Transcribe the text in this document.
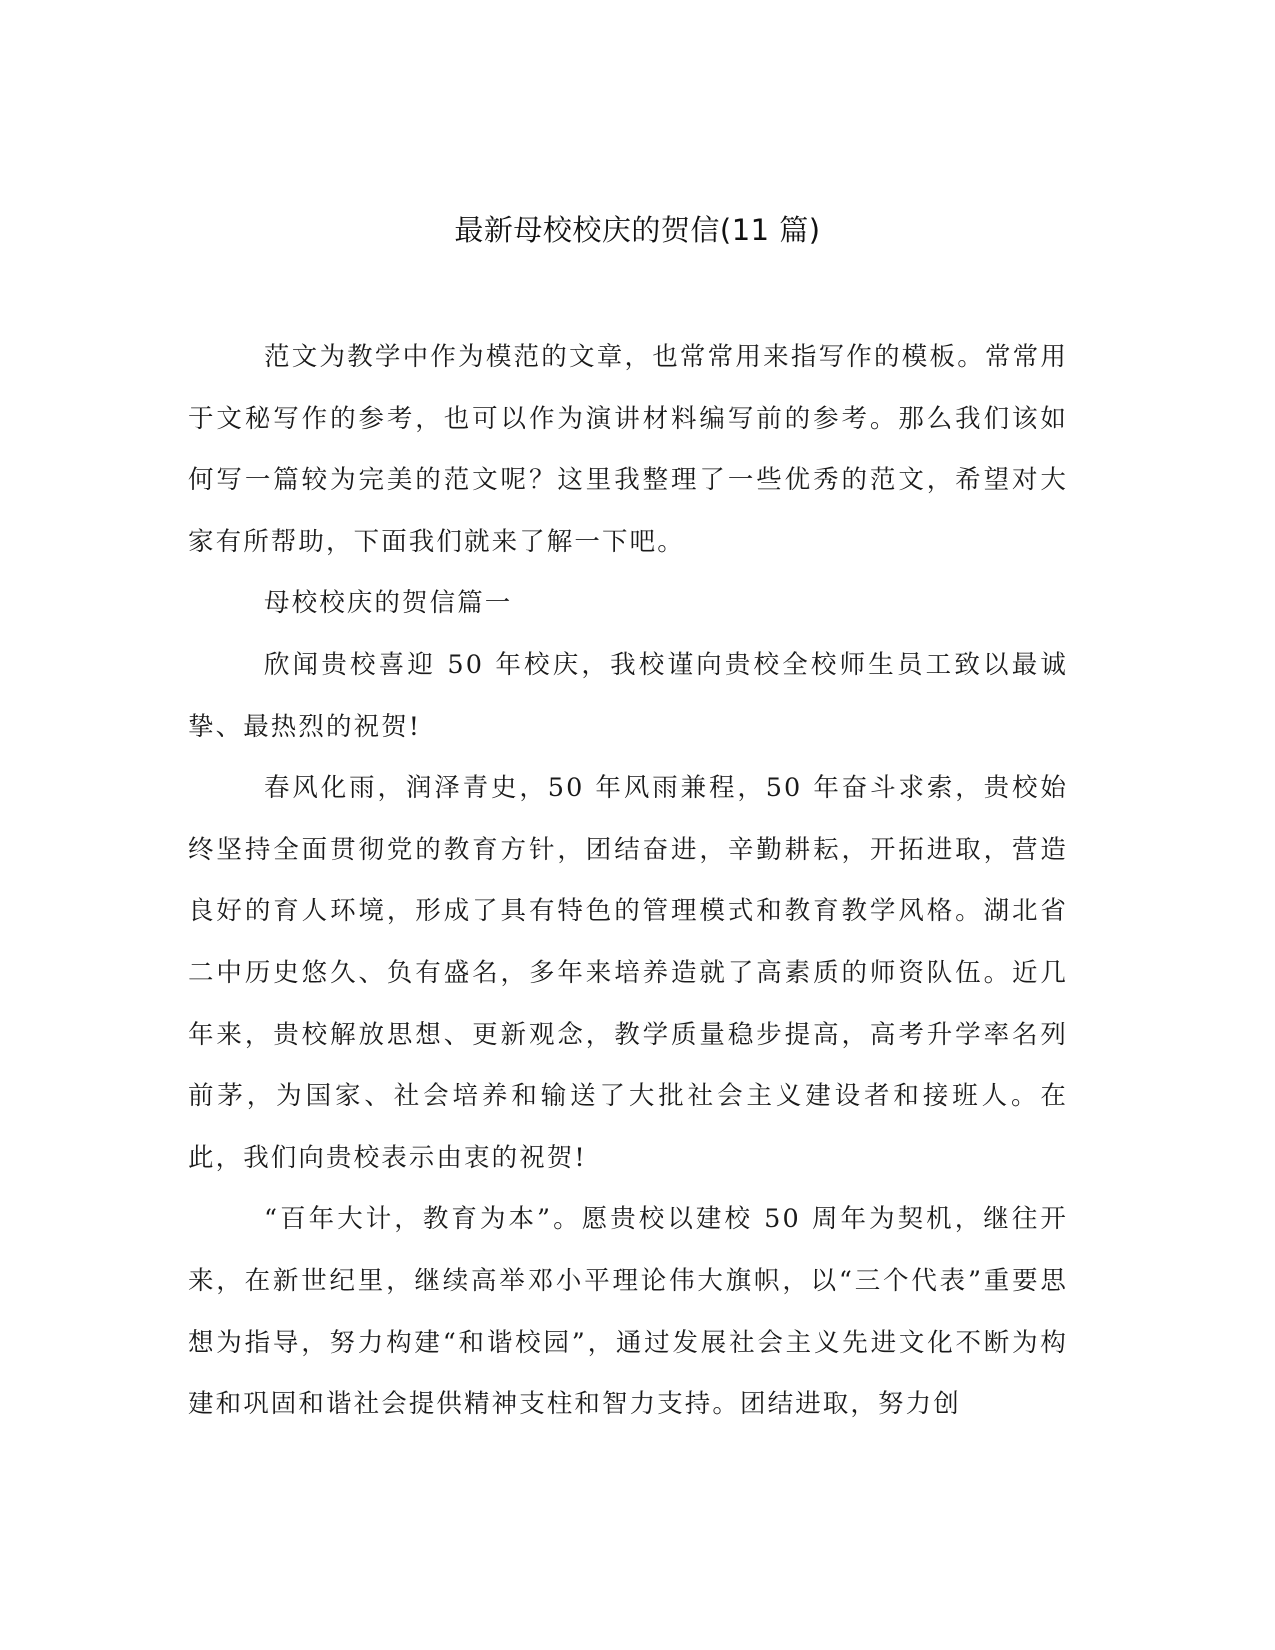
最新母校校庆的贺信(11 篇)

范文为教学中作为模范的文章，也常常用来指写作的模板。常常用于文秘写作的参考，也可以作为演讲材料编写前的参考。那么我们该如何写一篇较为完美的范文呢？这里我整理了一些优秀的范文，希望对大家有所帮助，下面我们就来了解一下吧。

母校校庆的贺信篇一

欣闻贵校喜迎 50 年校庆，我校谨向贵校全校师生员工致以最诚挚、最热烈的祝贺!

春风化雨，润泽青史，50 年风雨兼程，50 年奋斗求索，贵校始终坚持全面贯彻党的教育方针，团结奋进，辛勤耕耘，开拓进取，营造良好的育人环境，形成了具有特色的管理模式和教育教学风格。湖北省二中历史悠久、负有盛名，多年来培养造就了高素质的师资队伍。近几年来，贵校解放思想、更新观念，教学质量稳步提高，高考升学率名列前茅，为国家、社会培养和输送了大批社会主义建设者和接班人。在此，我们向贵校表示由衷的祝贺!

“百年大计，教育为本”。愿贵校以建校 50 周年为契机，继往开来，在新世纪里，继续高举邓小平理论伟大旗帜，以“三个代表”重要思想为指导，努力构建“和谐校园”，通过发展社会主义先进文化不断为构建和巩固和谐社会提供精神支柱和智力支持。团结进取，努力创
